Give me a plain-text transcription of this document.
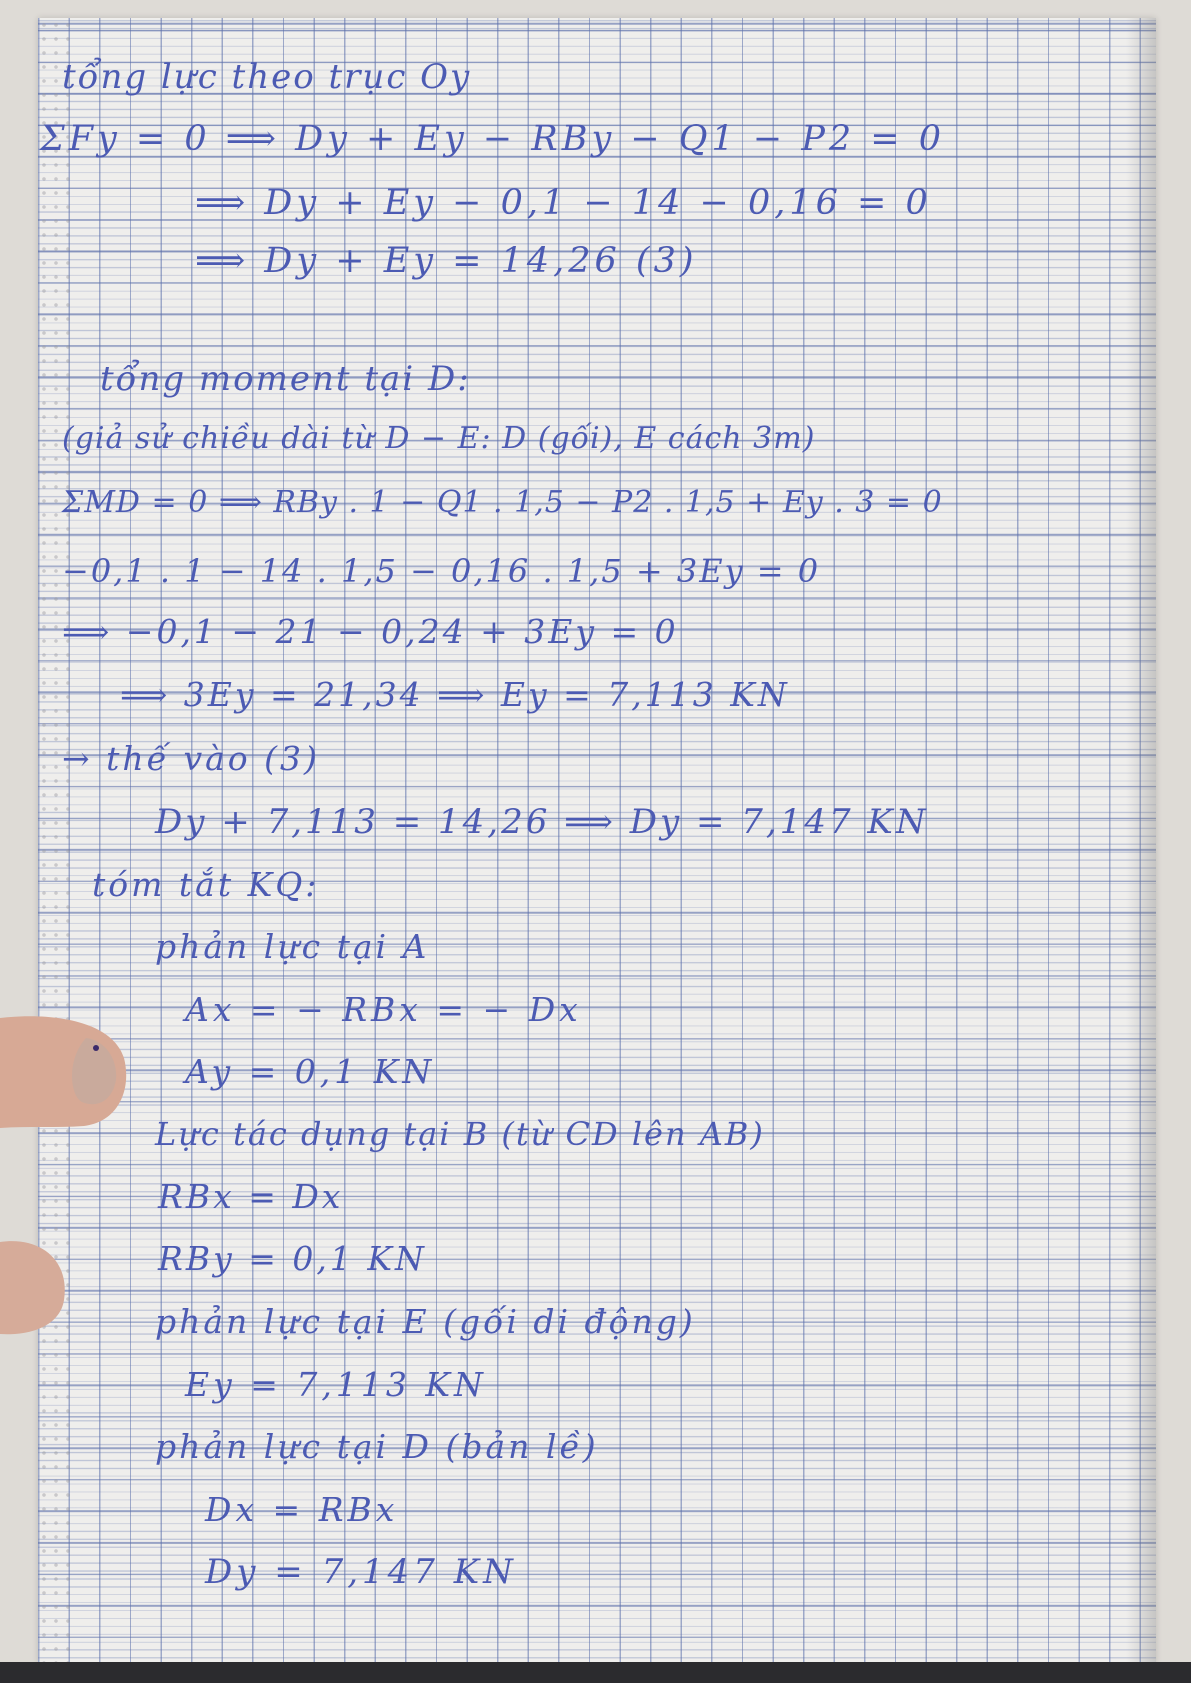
tổng lực theo trục Oy
ΣFy = 0 ⟹ Dy + Ey − RBy − Q1 − P2 = 0
⟹ Dy + Ey − 0,1 − 14 − 0,16 = 0
⟹ Dy + Ey = 14,26 (3)
tổng moment tại D:
(giả sử chiều dài từ D − E: D (gối), E cách 3m)
ΣMD = 0 ⟹ RBy . 1 − Q1 . 1,5 − P2 . 1,5 + Ey . 3 = 0
−0,1 . 1 − 14 . 1,5 − 0,16 . 1,5 + 3Ey = 0
⟹ −0,1 − 21 − 0,24 + 3Ey = 0
⟹ 3Ey = 21,34 ⟹ Ey = 7,113 KN
→ thế vào (3)
Dy + 7,113 = 14,26 ⟹ Dy = 7,147 KN
tóm tắt KQ:
phản lực tại A
Ax = − RBx = − Dx
Ay = 0,1 KN
Lực tác dụng tại B (từ CD lên AB)
RBx = Dx
RBy = 0,1 KN
phản lực tại E (gối di động)
Ey = 7,113 KN
phản lực tại D (bản lề)
Dx = RBx
Dy = 7,147 KN
